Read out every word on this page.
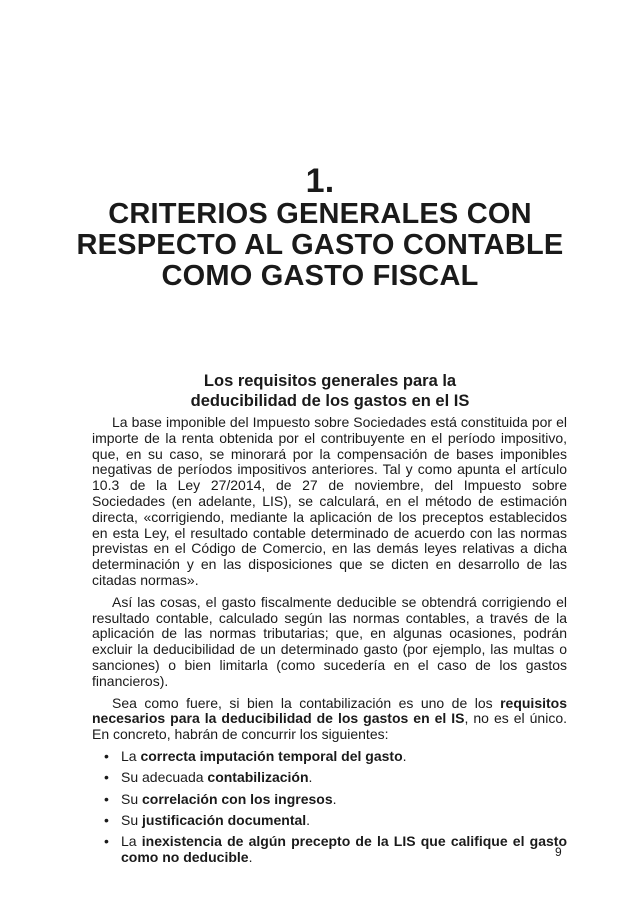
1.
CRITERIOS GENERALES CON
RESPECTO AL GASTO CONTABLE
COMO GASTO FISCAL
Los requisitos generales para la
deducibilidad de los gastos en el IS

La base imponible del Impuesto sobre Sociedades está constituida por el importe de la renta obtenida por el contribuyente en el período impositivo, que, en su caso, se minorará por la compensación de bases imponibles negativas de períodos impositivos anteriores. Tal y como apunta el artículo 10.3 de la Ley 27/2014, de 27 de noviembre, del Impuesto sobre Sociedades (en adelante, LIS), se calculará, en el método de estimación directa, «corrigiendo, mediante la aplicación de los preceptos establecidos en esta Ley, el resultado contable determinado de acuerdo con las normas previstas en el Código de Comercio, en las demás leyes relativas a dicha determinación y en las disposiciones que se dicten en desarrollo de las citadas normas».

Así las cosas, el gasto fiscalmente deducible se obtendrá corrigiendo el resultado contable, calculado según las normas contables, a través de la aplicación de las normas tributarias; que, en algunas ocasiones, podrán excluir la deducibilidad de un determinado gasto (por ejemplo, las multas o sanciones) o bien limitarla (como sucedería en el caso de los gastos financieros).

Sea como fuere, si bien la contabilización es uno de los requisitos necesarios para la deducibilidad de los gastos en el IS, no es el único. En concreto, habrán de concurrir los siguientes:

• La correcta imputación temporal del gasto.
• Su adecuada contabilización.
• Su correlación con los ingresos.
• Su justificación documental.
• La inexistencia de algún precepto de la LIS que califique el gasto como no deducible.	9
